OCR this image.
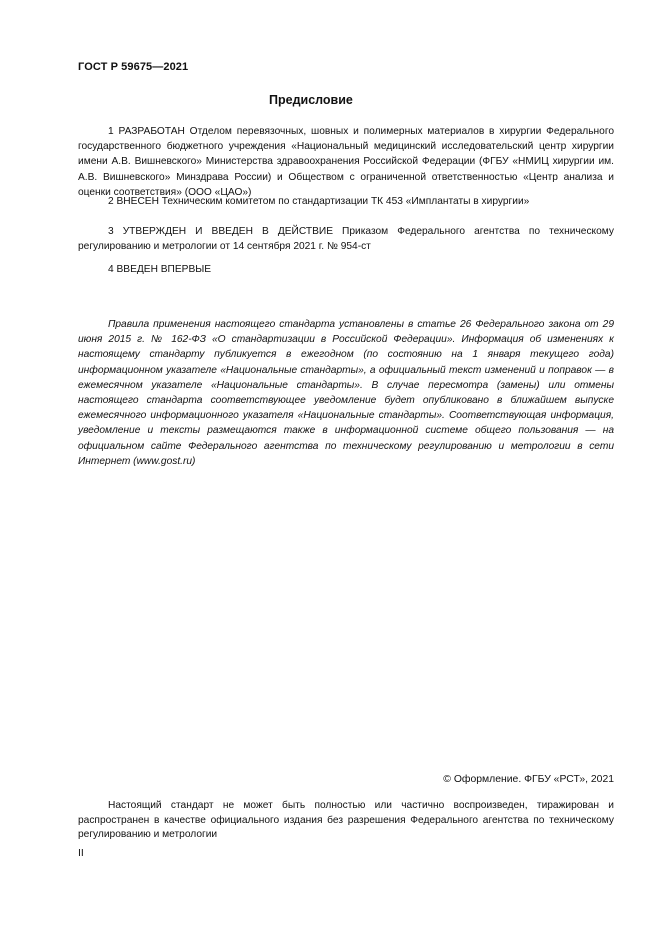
ГОСТ Р 59675—2021
Предисловие

1 РАЗРАБОТАН Отделом перевязочных, шовных и полимерных материалов в хирургии Федерального государственного бюджетного учреждения «Национальный медицинский исследовательский центр хирургии имени А.В. Вишневского» Министерства здравоохранения Российской Федерации (ФГБУ «НМИЦ хирургии им. А.В. Вишневского» Минздрава России) и Обществом с ограниченной ответственностью «Центр анализа и оценки соответствия» (ООО «ЦАО»)

2 ВНЕСЕН Техническим комитетом по стандартизации ТК 453 «Имплантаты в хирургии»

3 УТВЕРЖДЕН И ВВЕДЕН В ДЕЙСТВИЕ Приказом Федерального агентства по техническому регулированию и метрологии от 14 сентября 2021 г. № 954-ст

4 ВВЕДЕН ВПЕРВЫЕ

Правила применения настоящего стандарта установлены в статье 26 Федерального закона от 29 июня 2015 г. № 162-ФЗ «О стандартизации в Российской Федерации». Информация об изменениях к настоящему стандарту публикуется в ежегодном (по состоянию на 1 января текущего года) информационном указателе «Национальные стандарты», а официальный текст изменений и поправок — в ежемесячном указателе «Национальные стандарты». В случае пересмотра (замены) или отмены настоящего стандарта соответствующее уведомление будет опубликовано в ближайшем выпуске ежемесячного информационного указателя «Национальные стандарты». Соответствующая информация, уведомление и тексты размещаются также в информационной системе общего пользования — на официальном сайте Федерального агентства по техническому регулированию и метрологии в сети Интернет (www.gost.ru)

© Оформление. ФГБУ «РСТ», 2021

Настоящий стандарт не может быть полностью или частично воспроизведен, тиражирован и распространен в качестве официального издания без разрешения Федерального агентства по техническому регулированию и метрологии

II
